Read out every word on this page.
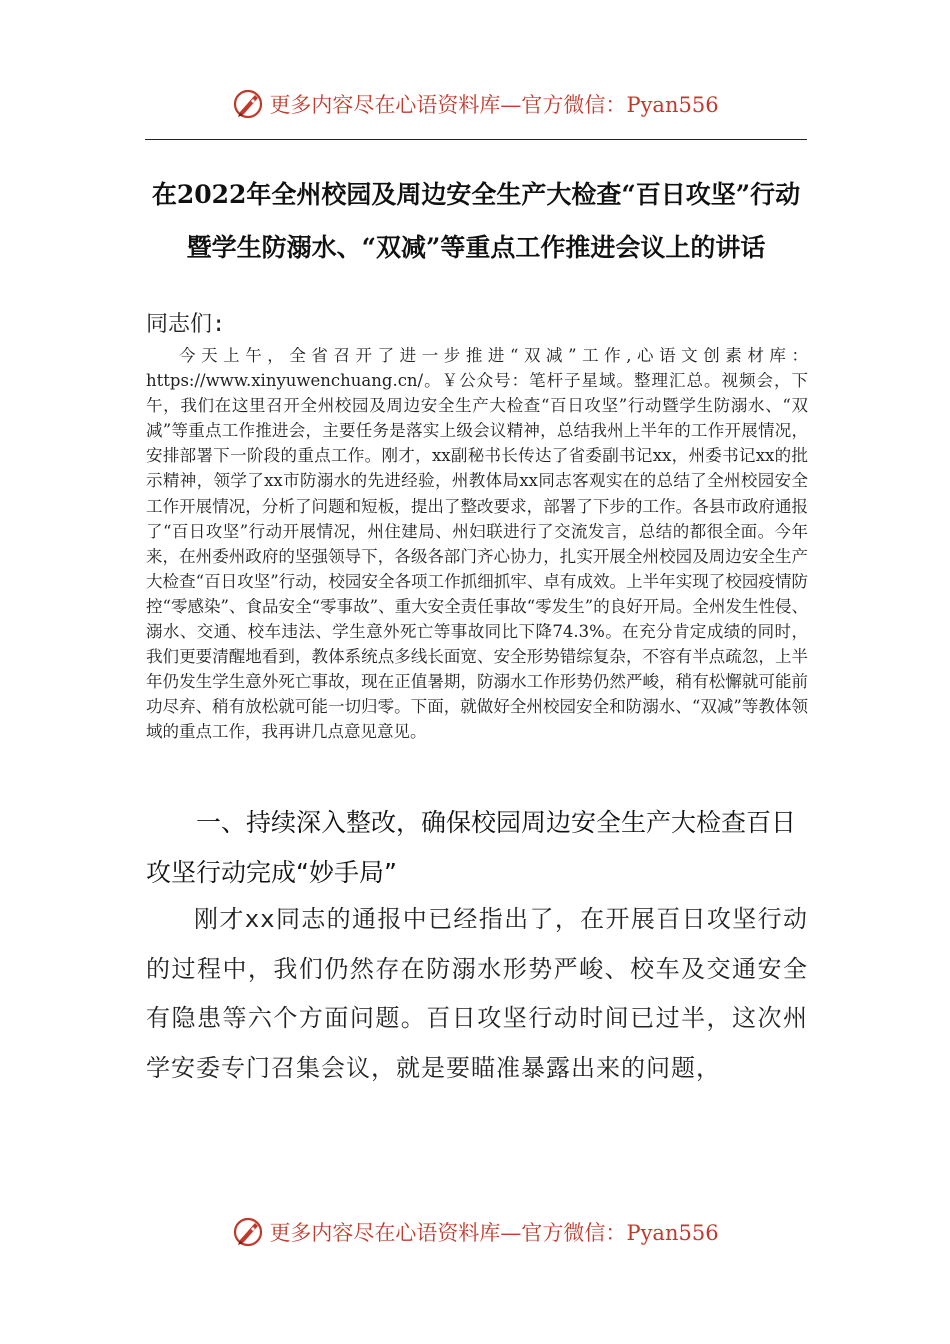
更多内容尽在心语资料库—官方微信：Pyan556
在2022年全州校园及周边安全生产大检查“百日攻坚”行动暨学生防溺水、“双减”等重点工作推进会议上的讲话
同志们:

今天上午，全省召开了进一步推进“双减”工作,心语文创素材库：https://www.xinyuwenchuang.cn/。￥公众号：笔杆子星域。整理汇总。视频会，下午，我们在这里召开全州校园及周边安全生产大检查“百日攻坚”行动暨学生防溺水、“双减”等重点工作推进会，主要任务是落实上级会议精神，总结我州上半年的工作开展情况，安排部署下一阶段的重点工作。刚才，xx副秘书长传达了省委副书记xx，州委书记xx的批示精神，领学了xx市防溺水的先进经验，州教体局xx同志客观实在的总结了全州校园安全工作开展情况，分析了问题和短板，提出了整改要求，部署了下步的工作。各县市政府通报了“百日攻坚”行动开展情况，州住建局、州妇联进行了交流发言，总结的都很全面。今年来，在州委州政府的坚强领导下，各级各部门齐心协力，扎实开展全州校园及周边安全生产大检查“百日攻坚”行动，校园安全各项工作抓细抓牢、卓有成效。上半年实现了校园疫情防控“零感染”、食品安全“零事故”、重大安全责任事故“零发生”的良好开局。全州发生性侵、溺水、交通、校车违法、学生意外死亡等事故同比下降74.3%。在充分肯定成绩的同时，我们更要清醒地看到，教体系统点多线长面宽、安全形势错综复杂，不容有半点疏忽，上半年仍发生学生意外死亡事故，现在正值暑期，防溺水工作形势仍然严峻，稍有松懈就可能前功尽弃、稍有放松就可能一切归零。下面，就做好全州校园安全和防溺水、“双减”等教体领域的重点工作，我再讲几点意见意见。

一、持续深入整改，确保校园周边安全生产大检查百日攻坚行动完成“妙手局”

刚才xx同志的通报中已经指出了，在开展百日攻坚行动的过程中，我们仍然存在防溺水形势严峻、校车及交通安全有隐患等六个方面问题。百日攻坚行动时间已过半，这次州学安委专门召集会议，就是要瞄准暴露出来的问题，

更多内容尽在心语资料库—官方微信：Pyan556
